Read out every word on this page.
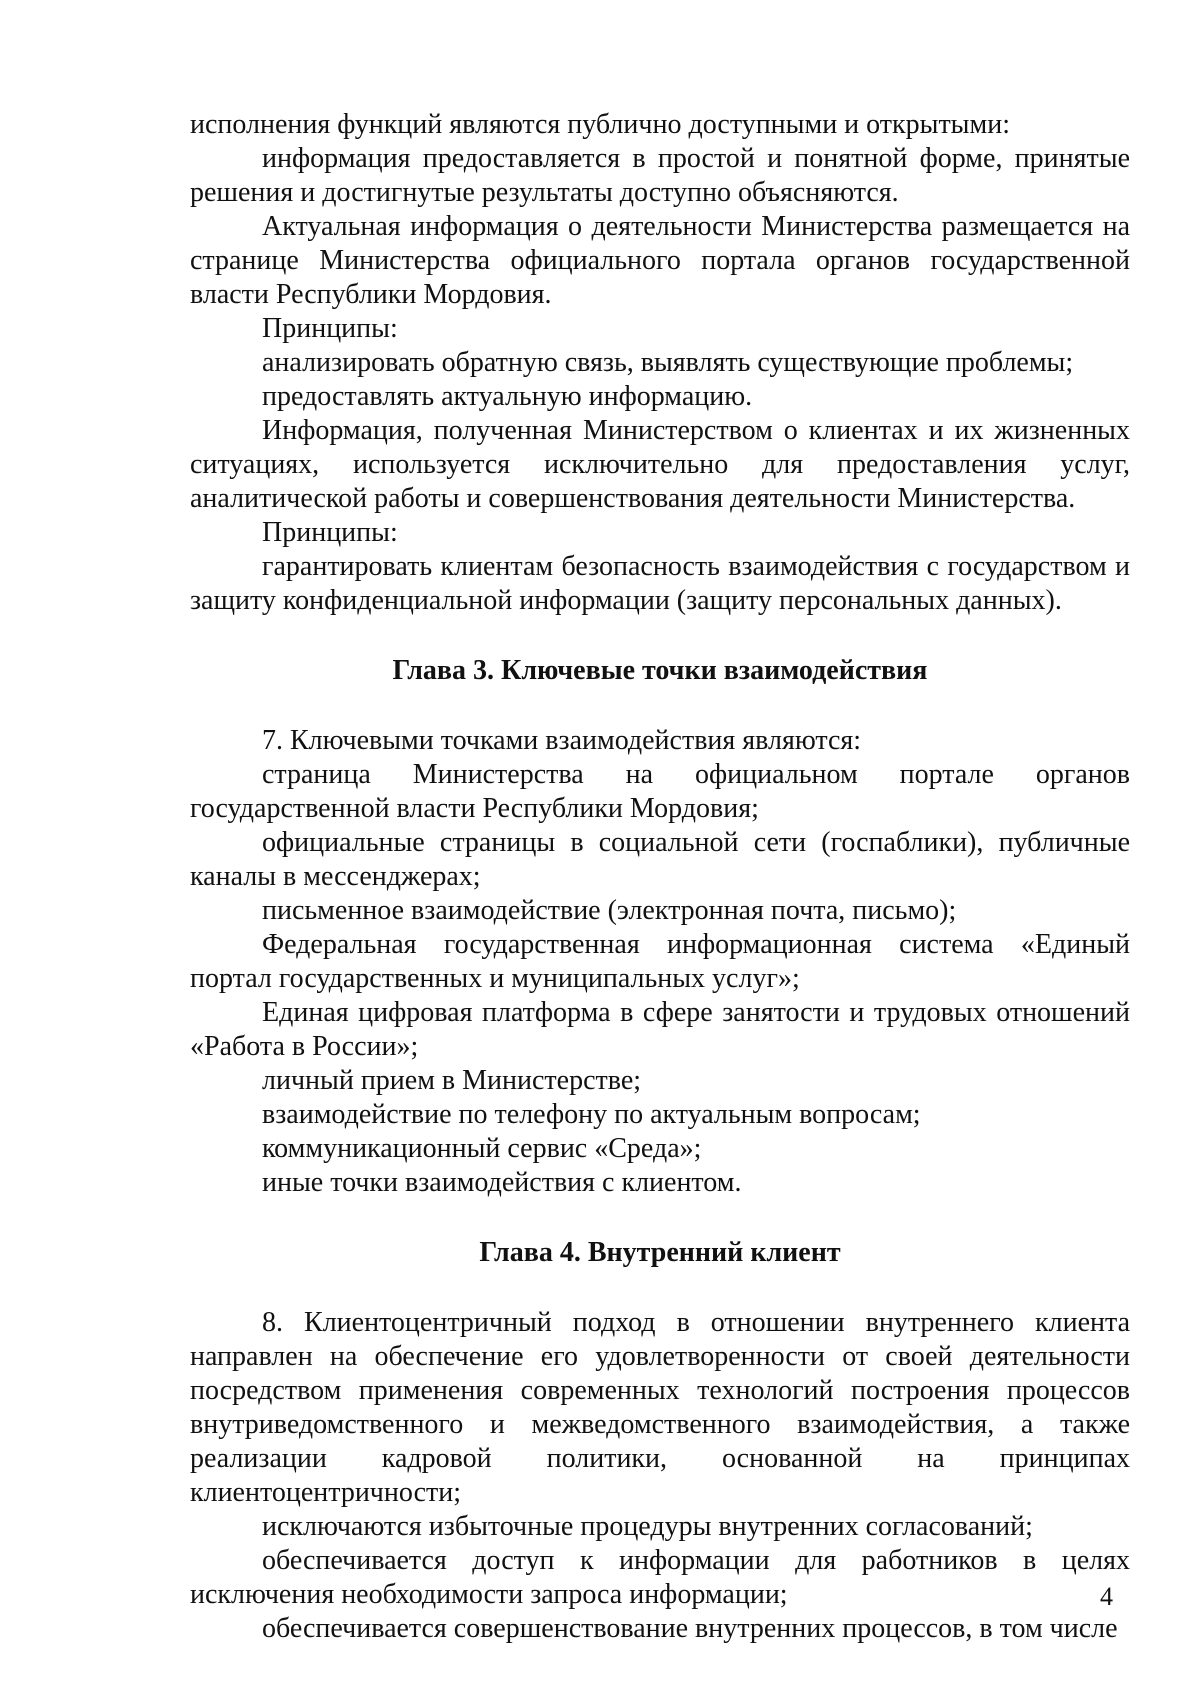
исполнения функций являются публично доступными и открытыми:

информация предоставляется в простой и понятной форме, принятые решения и достигнутые результаты доступно объясняются.

Актуальная информация о деятельности Министерства размещается на странице Министерства официального портала органов государственной власти Республики Мордовия.

Принципы:

анализировать обратную связь, выявлять существующие проблемы;

предоставлять актуальную информацию.

Информация, полученная Министерством о клиентах и их жизненных ситуациях, используется исключительно для предоставления услуг, аналитической работы и совершенствования деятельности Министерства.

Принципы:

гарантировать клиентам безопасность взаимодействия с государством и защиту конфиденциальной информации (защиту персональных данных).

Глава 3. Ключевые точки взаимодействия

7. Ключевыми точками взаимодействия являются:

страница Министерства на официальном портале органов государственной власти Республики Мордовия;

официальные страницы в социальной сети (госпаблики), публичные каналы в мессенджерах;

письменное взаимодействие (электронная почта, письмо);

Федеральная государственная информационная система «Единый портал государственных и муниципальных услуг»;

Единая цифровая платформа в сфере занятости и трудовых отношений «Работа в России»;

личный прием в Министерстве;

взаимодействие по телефону по актуальным вопросам;

коммуникационный сервис «Среда»;

иные точки взаимодействия с клиентом.

Глава 4. Внутренний клиент

8. Клиентоцентричный подход в отношении внутреннего клиента направлен на обеспечение его удовлетворенности от своей деятельности посредством применения современных технологий построения процессов внутриведомственного и межведомственного взаимодействия, а также реализации кадровой политики, основанной на принципах клиентоцентричности;

исключаются избыточные процедуры внутренних согласований;

обеспечивается доступ к информации для работников в целях исключения необходимости запроса информации;

обеспечивается совершенствование внутренних процессов, в том числе

4
